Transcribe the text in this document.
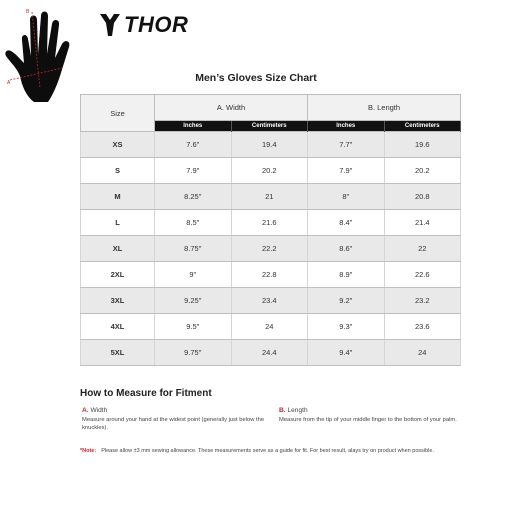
A
B	THOR
Men’s Gloves Size Chart
Size	A. Width		B. Length	
	Inches	Centimeters	Inches	Centimeters
XS	7.6"	19.4	7.7"	19.6
S	7.9"	20.2	7.9"	20.2
M	8.25"	21	8"	20.8
L	8.5"	21.6	8.4"	21.4
XL	8.75"	22.2	8.6"	22
2XL	9"	22.8	8.9"	22.6
3XL	9.25"	23.4	9.2"	23.2
4XL	9.5"	24	9.3"	23.6
5XL	9.75"	24.4	9.4"	24
How to Measure for Fitment
A. Width
Measure around your hand at the widest point (generally just below the
knuckles).
B. Length
Measure from the tip of your middle finger to the bottom of your palm.
*Note: Please allow ±3 mm sewing allowance. These measurements serve as a guide for fit. For best result, alays try on product when possible.
